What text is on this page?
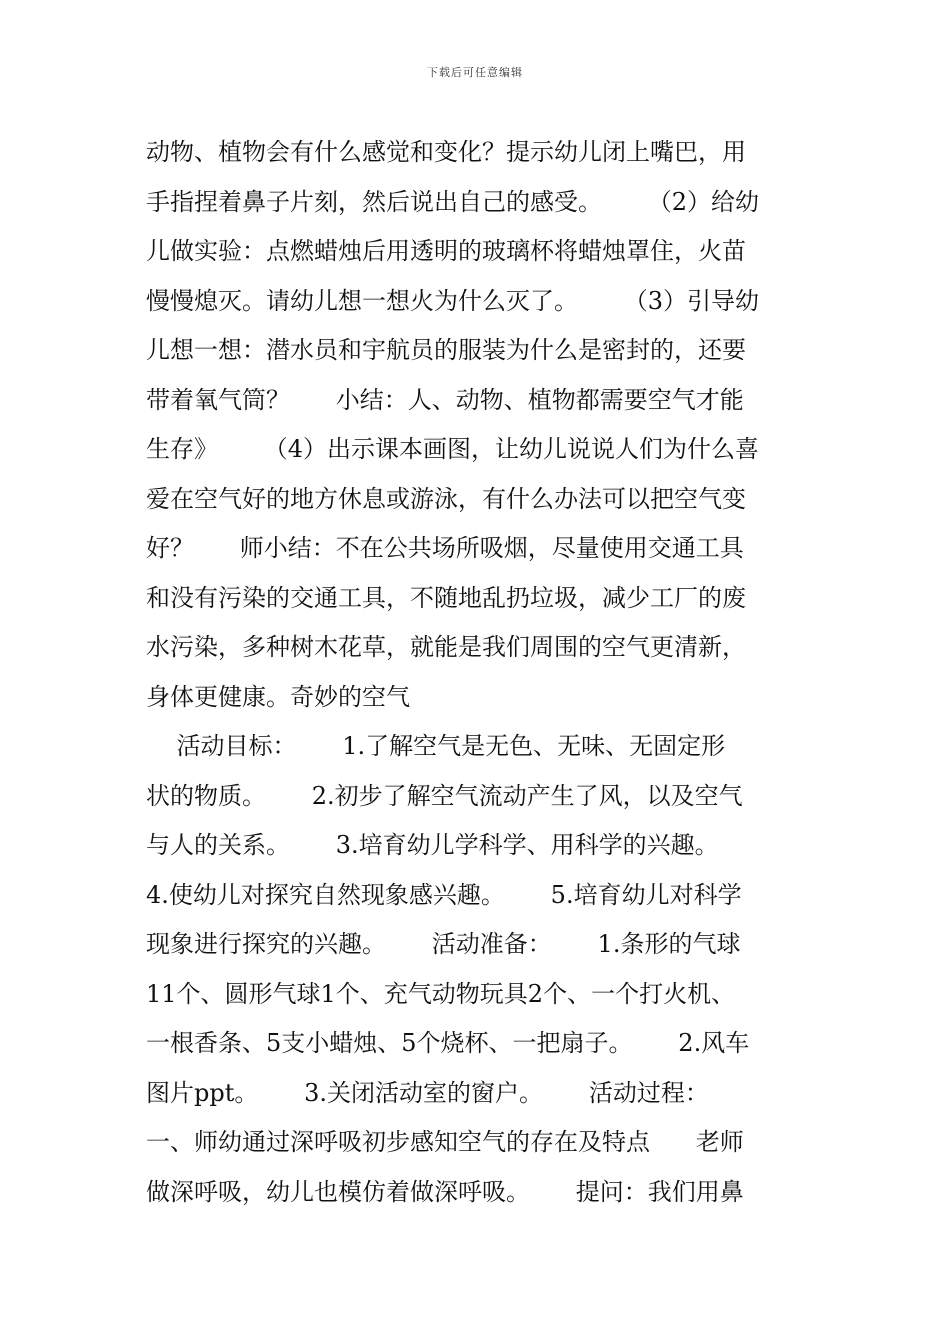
下载后可任意编辑
动物、植物会有什么感觉和变化？提示幼儿闭上嘴巴，用
手指捏着鼻子片刻，然后说出自己的感受。      （2）给幼
儿做实验：点燃蜡烛后用透明的玻璃杯将蜡烛罩住，火苗
慢慢熄灭。请幼儿想一想火为什么灭了。      （3）引导幼
儿想一想：潜水员和宇航员的服装为什么是密封的，还要
带着氧气筒？      小结：人、动物、植物都需要空气才能
生存》      （4）出示课本画图，让幼儿说说人们为什么喜
爱在空气好的地方休息或游泳，有什么办法可以把空气变
好？      师小结：不在公共场所吸烟，尽量使用交通工具
和没有污染的交通工具，不随地乱扔垃圾，减少工厂的废
水污染，多种树木花草，就能是我们周围的空气更清新，
身体更健康。奇妙的空气
活动目标：      1.了解空气是无色、无味、无固定形
状的物质。      2.初步了解空气流动产生了风，以及空气
与人的关系。      3.培育幼儿学科学、用科学的兴趣。
4.使幼儿对探究自然现象感兴趣。      5.培育幼儿对科学
现象进行探究的兴趣。      活动准备：      1.条形的气球
11个、圆形气球1个、充气动物玩具2个、一个打火机、
一根香条、5支小蜡烛、5个烧杯、一把扇子。      2.风车
图片ppt。      3.关闭活动室的窗户。      活动过程：
一、师幼通过深呼吸初步感知空气的存在及特点      老师
做深呼吸，幼儿也模仿着做深呼吸。      提问：我们用鼻
